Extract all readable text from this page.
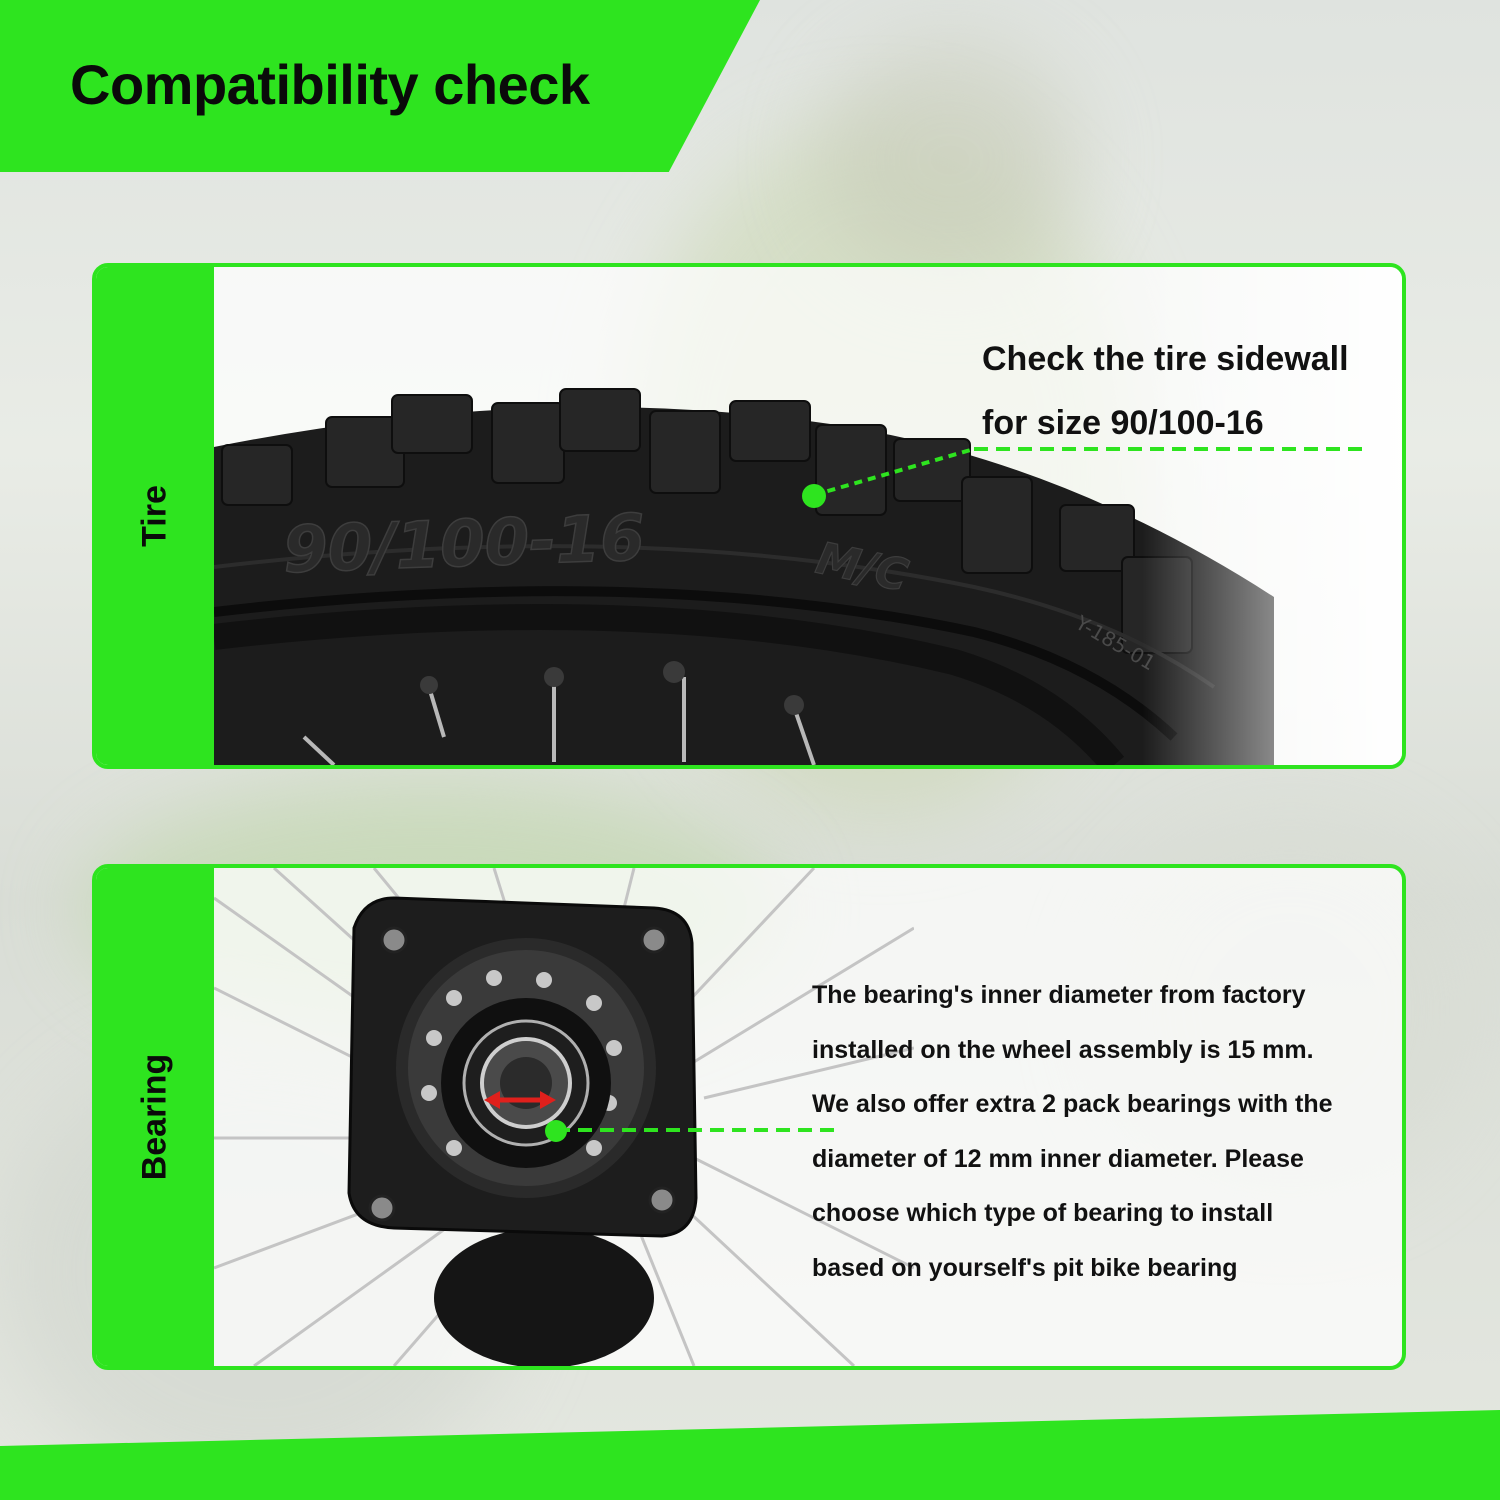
Compatibility check
Tire
Check the tire sidewall
for size 90/100-16
Bearing
The bearing's inner diameter from factory
installed on the wheel assembly is 15 mm.
We also offer extra 2 pack bearings with the
diameter of 12 mm inner diameter. Please
choose which type of bearing to install
based on yourself's pit bike bearing
